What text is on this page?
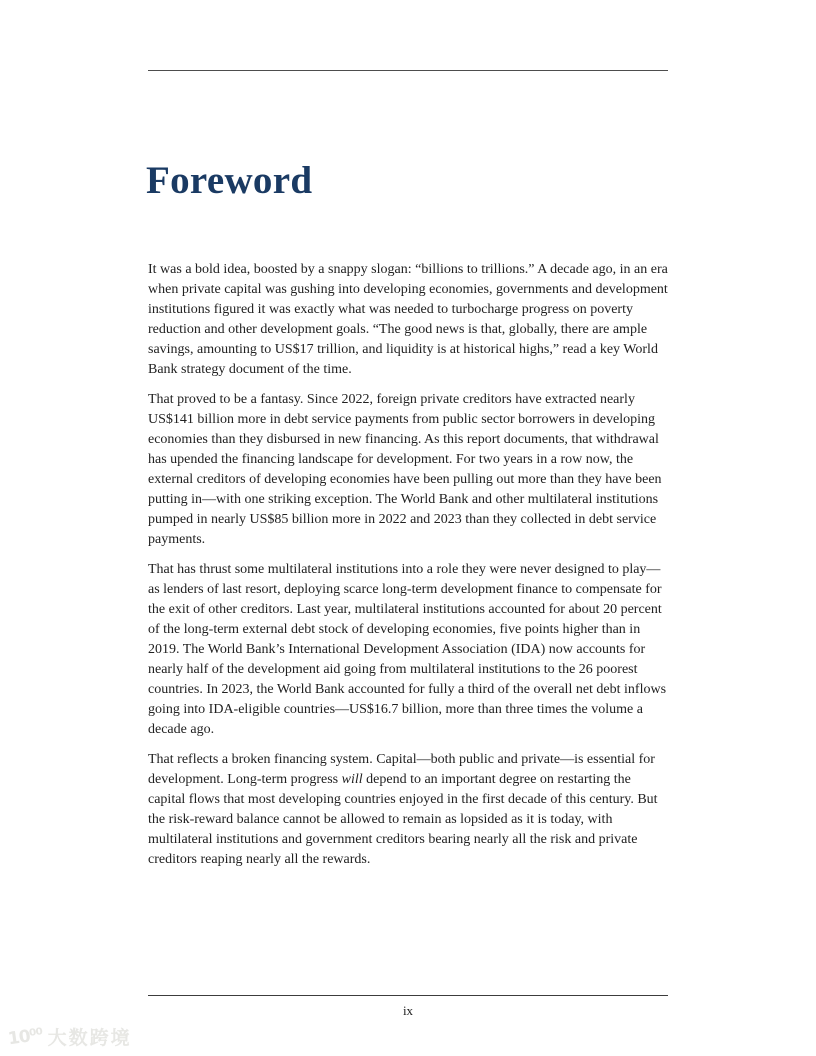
Foreword

It was a bold idea, boosted by a snappy slogan: “billions to trillions.” A decade ago, in an era when private capital was gushing into developing economies, governments and development institutions figured it was exactly what was needed to turbocharge progress on poverty reduction and other development goals. “The good news is that, globally, there are ample savings, amounting to US$17 trillion, and liquidity is at historical highs,” read a key World Bank strategy document of the time.

That proved to be a fantasy. Since 2022, foreign private creditors have extracted nearly US$141 billion more in debt service payments from public sector borrowers in developing economies than they disbursed in new financing. As this report documents, that withdrawal has upended the financing landscape for development. For two years in a row now, the external creditors of developing economies have been pulling out more than they have been putting in—with one striking exception. The World Bank and other multilateral institutions pumped in nearly US$85 billion more in 2022 and 2023 than they collected in debt service payments.

That has thrust some multilateral institutions into a role they were never designed to play—as lenders of last resort, deploying scarce long-term development finance to compensate for the exit of other creditors. Last year, multilateral institutions accounted for about 20 percent of the long-term external debt stock of developing economies, five points higher than in 2019. The World Bank’s International Development Association (IDA) now accounts for nearly half of the development aid going from multilateral institutions to the 26 poorest countries. In 2023, the World Bank accounted for fully a third of the overall net debt inflows going into IDA-eligible countries—US$16.7 billion, more than three times the volume a decade ago.

That reflects a broken financing system. Capital—both public and private—is essential for development. Long-term progress will depend to an important degree on restarting the capital flows that most developing countries enjoyed in the first decade of this century. But the risk-reward balance cannot be allowed to remain as lopsided as it is today, with multilateral institutions and government creditors bearing nearly all the risk and private creditors reaping nearly all the rewards.

ix
10⁰⁰ 大数跨境
